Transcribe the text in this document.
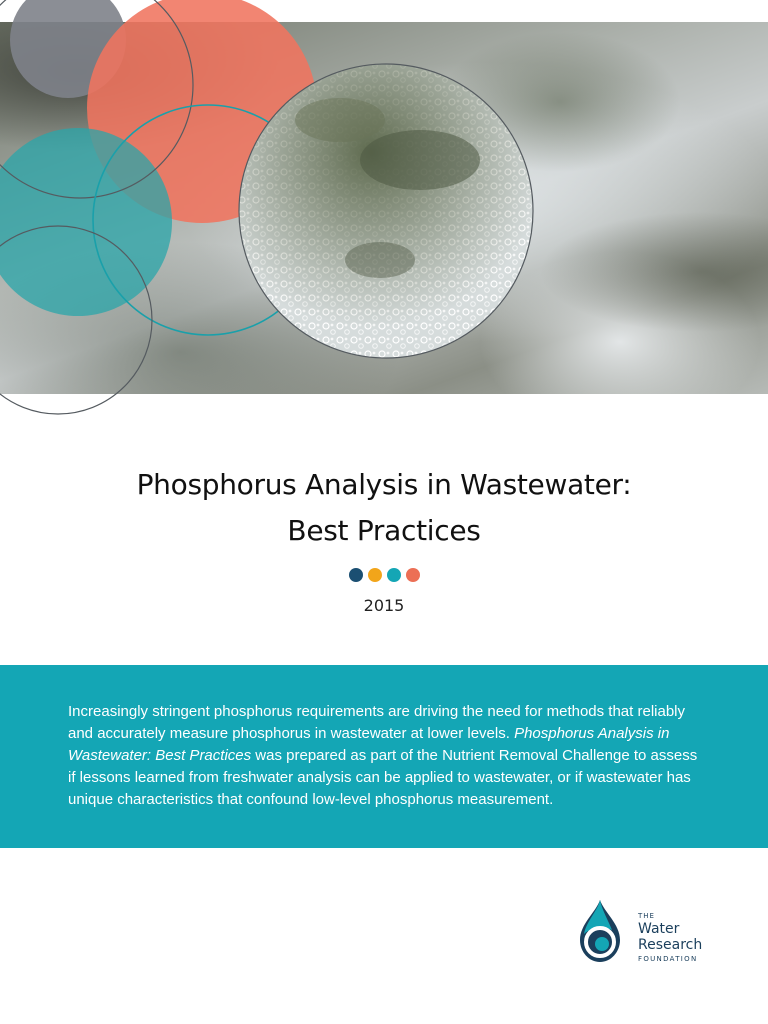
Phosphorus Analysis in Wastewater:
Best Practices
2015

Increasingly stringent phosphorus requirements are driving the need for methods that reliably and accurately measure phosphorus in wastewater at lower levels. Phosphorus Analysis in Wastewater: Best Practices was prepared as part of the Nutrient Removal Challenge to assess if lessons learned from freshwater analysis can be applied to wastewater, or if wastewater has unique characteristics that confound low-level phosphorus measurement.

THE
Water
Research
FOUNDATION
